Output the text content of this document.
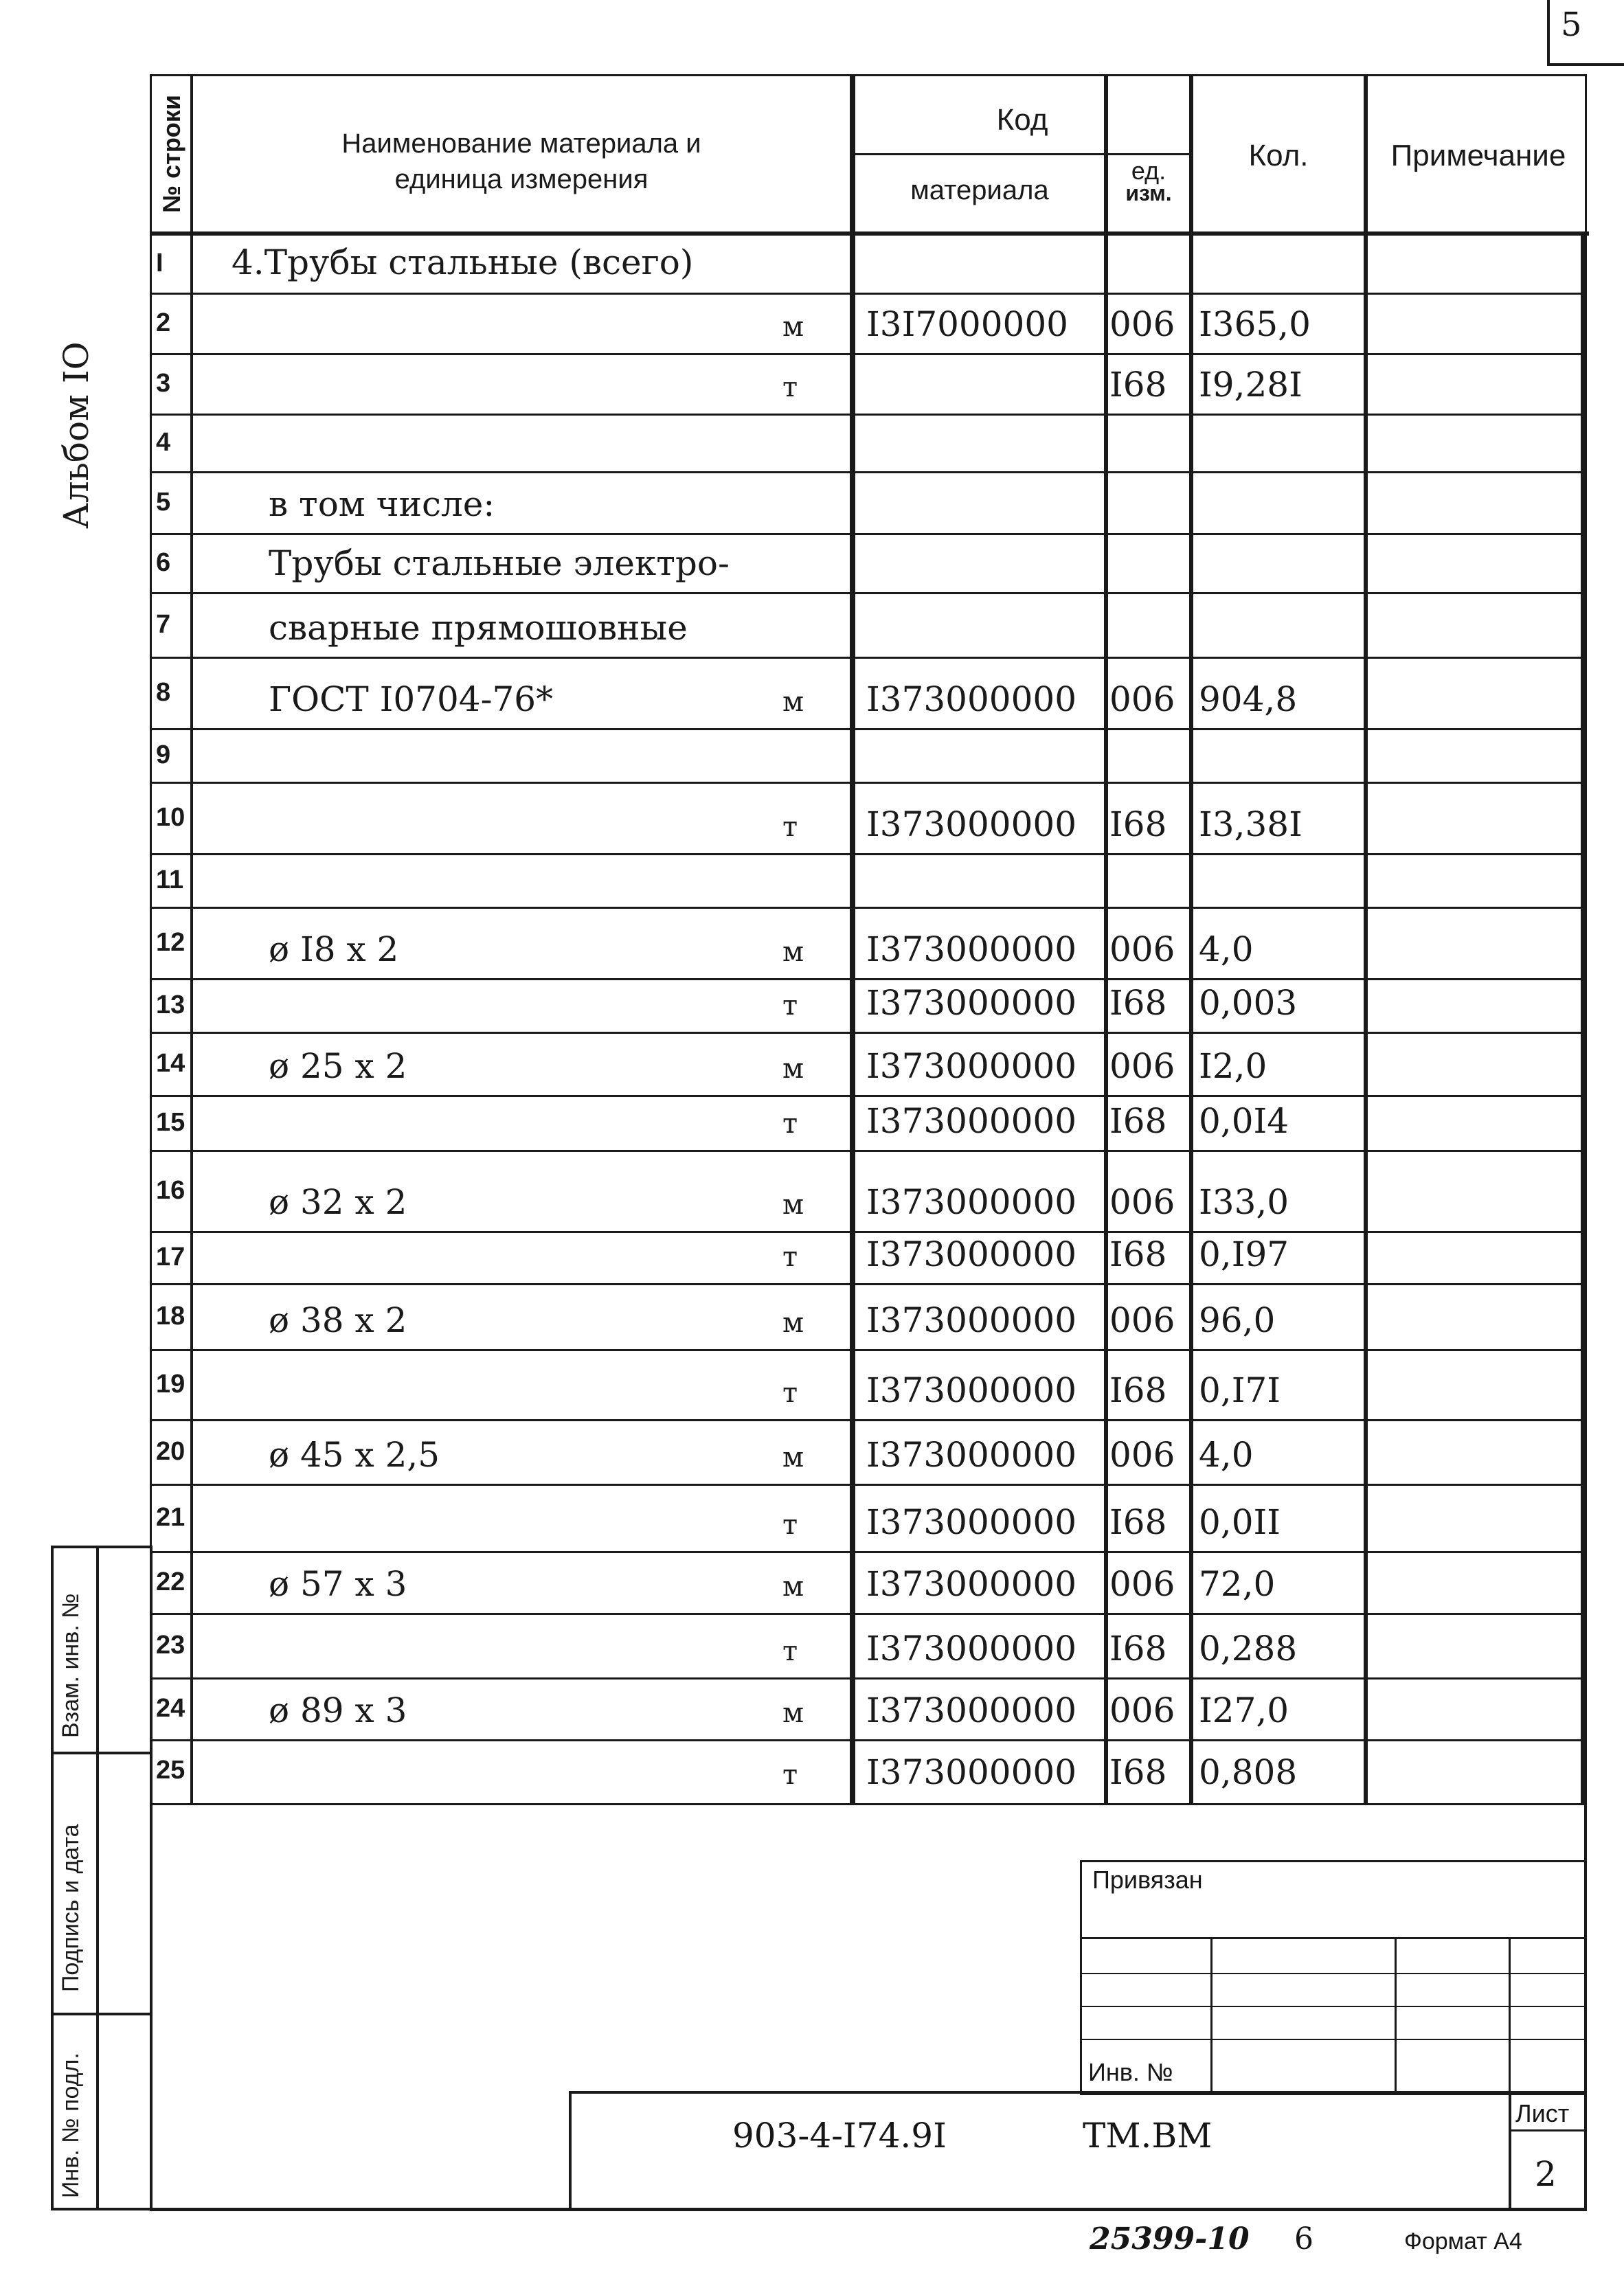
5
Альбом IO
№ строки	Наименование материала и
единица измерения
Код
материала
ед.
изм.
Кол.	Примечание
I	4.Трубы стальные (всего)
2	м I3I7000000 006 I365,0
3	т	I68 I9,28I
4
5	в том числе:
6	Трубы стальные электро-
7	сварные прямошовные
8	ГОСТ I0704-76*	м I373000000 006 904,8
9
10	т I373000000 I68 I3,38I
11
12 ø I8 x 2	м I373000000 006 4,0
13	т I373000000 I68 0,003
14 ø 25 x 2	м I373000000 006 I2,0
15	т I373000000 I68 0,0I4
16 ø 32 x 2	м I373000000 006 I33,0
17	т I373000000 I68 0,I97
18 ø 38 x 2	м I373000000 006 96,0
19	т I373000000 I68 0,I7I
20 ø 45 x 2,5	м I373000000 006 4,0
21	т I373000000 I68 0,0II
22 ø 57 x 3	м I373000000 006 72,0
23	т I373000000 I68 0,288
24 ø 89 x 3	м I373000000 006 I27,0
25	т I373000000 I68 0,808
Взам. инв. №
Подпись и дата
Инв. № подл.
Привязан
Инв. №
903-4-I74.9I	ТМ.ВМ
Лист
2
25399-10 6	Формат А4
